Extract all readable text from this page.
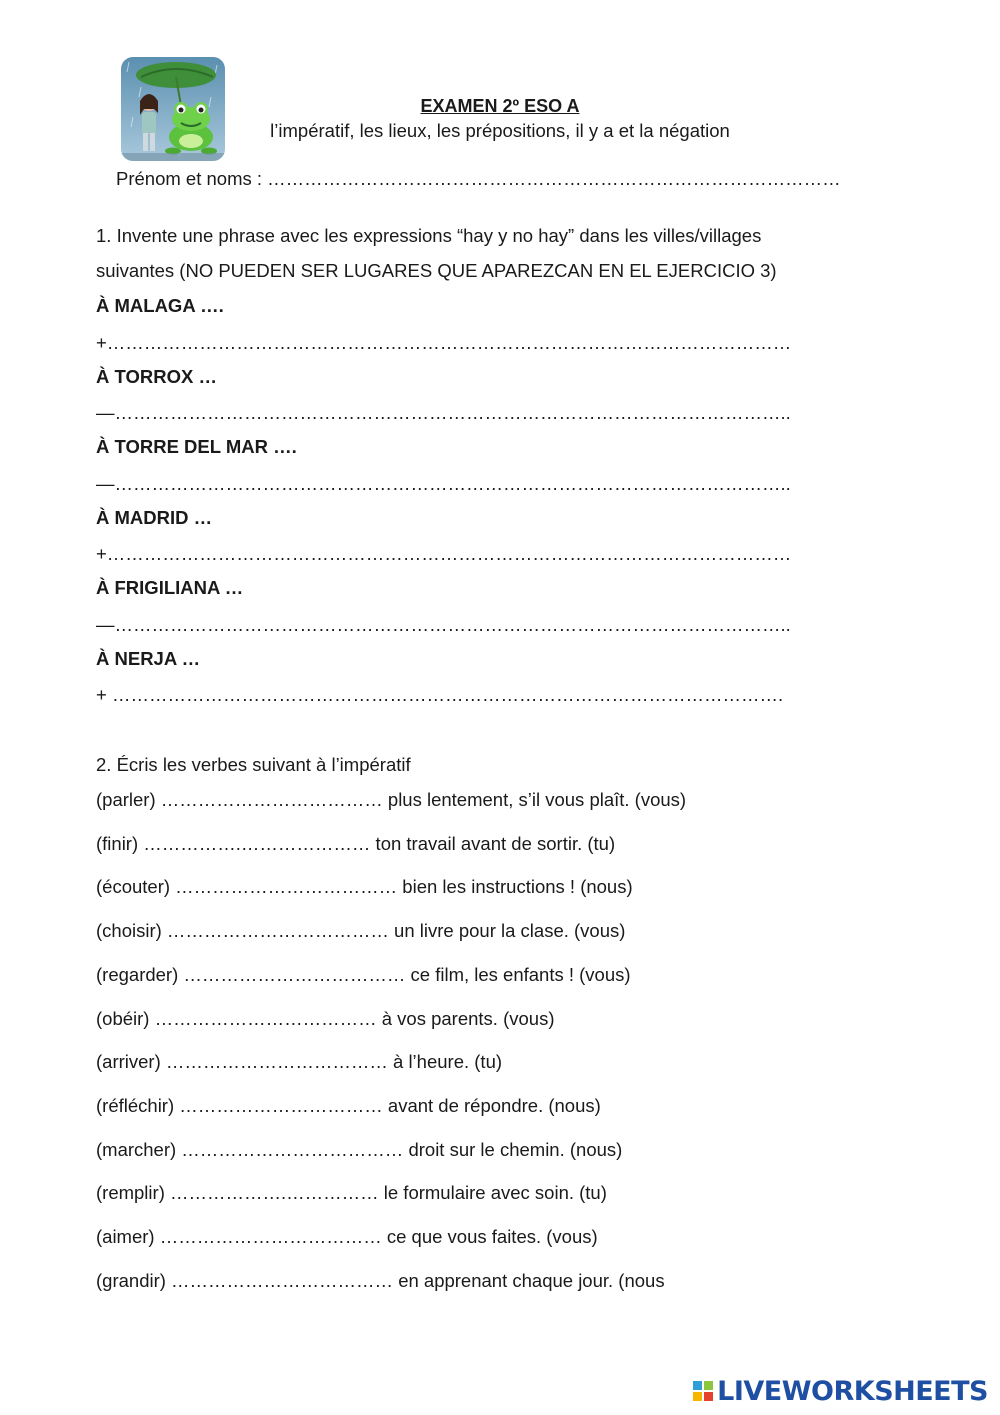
EXAMEN 2º ESO A
l’impératif, les lieux, les prépositions, il y a et la négation
Prénom et noms : …………………………………………………………………………………
1. Invente une phrase avec les expressions “hay y no hay” dans les villes/villages
suivantes (NO PUEDEN SER LUGARES QUE APAREZCAN EN EL EJERCICIO 3)
À MALAGA ….
+…………………………………………………………………………………………………
À TORROX …
—………………………………………………………………………………………………..
À TORRE DEL MAR ….
—………………………………………………………………………………………………..
À MADRID …
+…………………………………………………………………………………………………
À FRIGILIANA …
—………………………………………………………………………………………………..
À NERJA …
+ ……………………………………………………………………………………………….
2. Écris les verbes suivant à l’impératif
(parler) ……………………………… plus lentement, s’il vous plaît. (vous)
(finir) …………….………………… ton travail avant de sortir. (tu)
(écouter) ……………………………… bien les instructions ! (nous)
(choisir) ……………………………… un livre pour la clase. (vous)
(regarder) ……………………………… ce film, les enfants ! (vous)
(obéir) ……………………………… à vos parents. (vous)
(arriver) ……………………………… à l’heure. (tu)
(réfléchir) …………………………… avant de répondre. (nous)
(marcher) ……………………………… droit sur le chemin. (nous)
(remplir) ……………….…………… le formulaire avec soin. (tu)
(aimer) ……………………………… ce que vous faites. (vous)
(grandir) ……………………………… en apprenant chaque jour. (nous
LIVEWORKSHEETS
